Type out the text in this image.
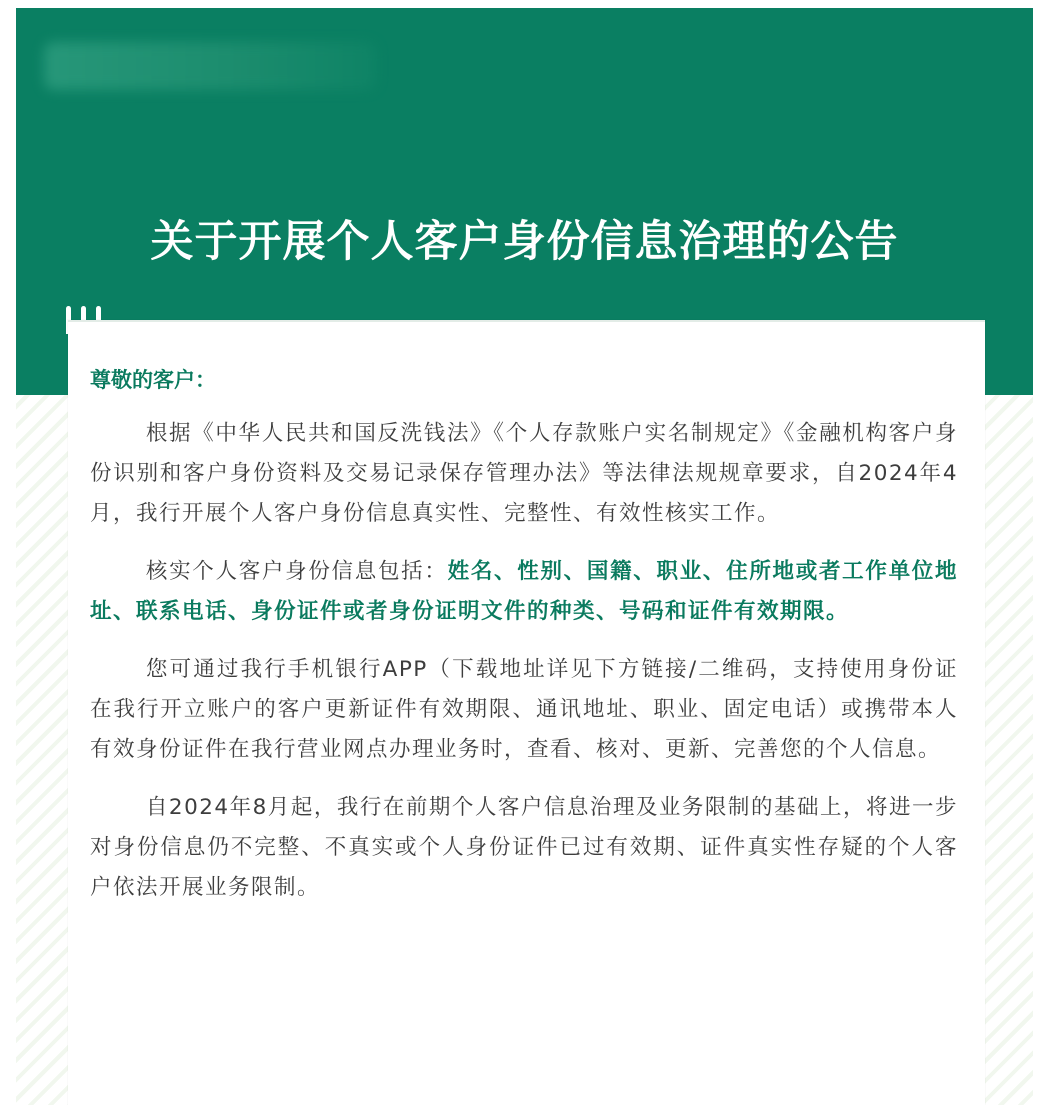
关于开展个人客户身份信息治理的公告
尊敬的客户：

根据《中华人民共和国反洗钱法》《个人存款账户实名制规定》《金融机构客户身份识别和客户身份资料及交易记录保存管理办法》等法律法规规章要求，自2024年4月，我行开展个人客户身份信息真实性、完整性、有效性核实工作。

核实个人客户身份信息包括：姓名、性别、国籍、职业、住所地或者工作单位地址、联系电话、身份证件或者身份证明文件的种类、号码和证件有效期限。

您可通过我行手机银行APP（下载地址详见下方链接/二维码，支持使用身份证在我行开立账户的客户更新证件有效期限、通讯地址、职业、固定电话）或携带本人有效身份证件在我行营业网点办理业务时，查看、核对、更新、完善您的个人信息。

自2024年8月起，我行在前期个人客户信息治理及业务限制的基础上，将进一步对身份信息仍不完整、不真实或个人身份证件已过有效期、证件真实性存疑的个人客户依法开展业务限制。
